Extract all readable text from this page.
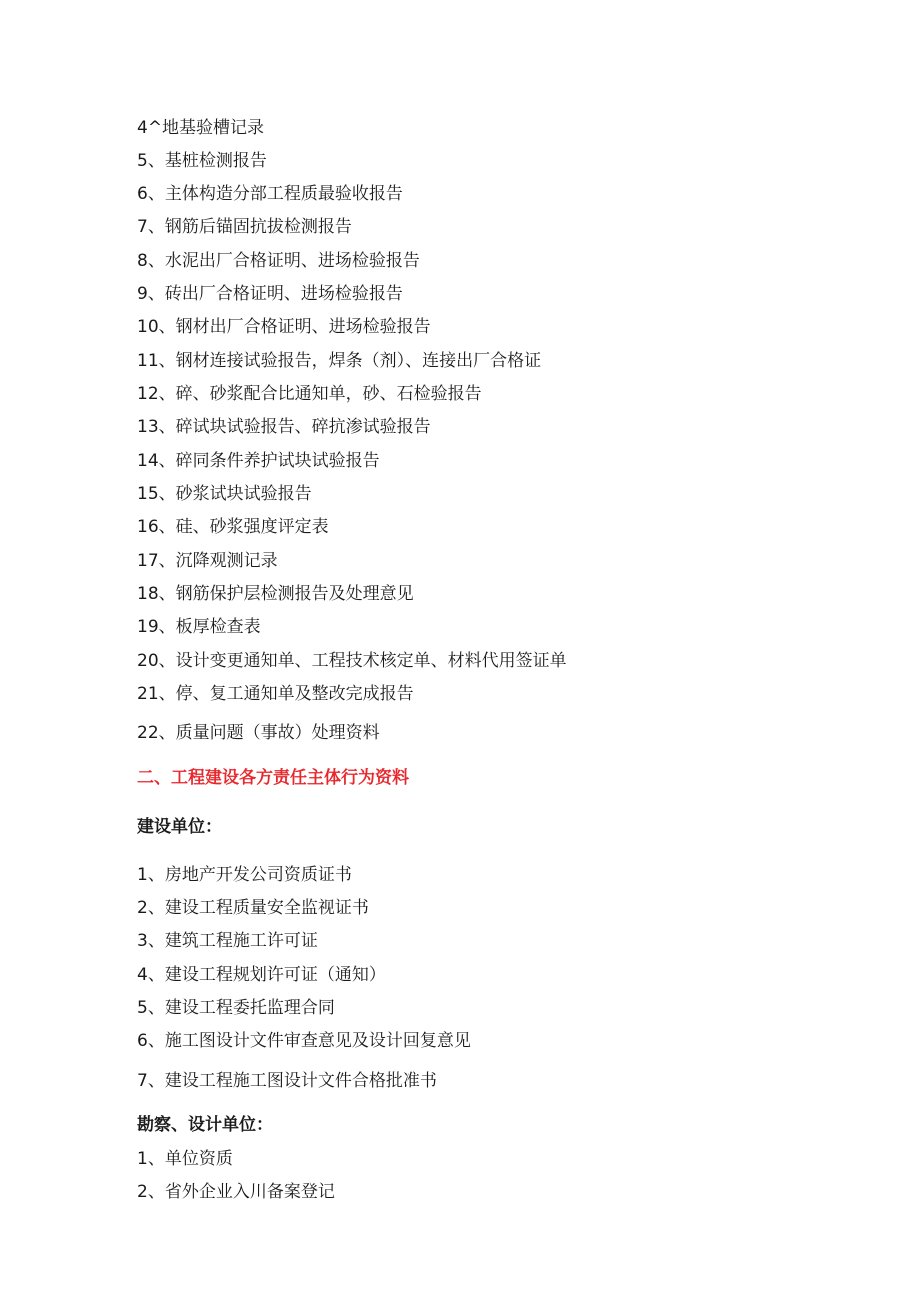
4^地基验槽记录
5、基桩检测报告
6、主体构造分部工程质最验收报告
7、钢筋后锚固抗拔检测报告
8、水泥出厂合格证明、进场检验报告
9、砖出厂合格证明、进场检验报告
10、钢材出厂合格证明、进场检验报告
11、钢材连接试验报告，焊条（剂）、连接出厂合格证
12、碎、砂浆配合比通知单，砂、石检验报告
13、碎试块试验报告、碎抗渗试验报告
14、碎同条件养护试块试验报告
15、砂浆试块试验报告
16、硅、砂浆强度评定表
17、沉降观测记录
18、钢筋保护层检测报告及处理意见
19、板厚检查表
20、设计变更通知单、工程技术核定单、材料代用签证单
21、停、复工通知单及整改完成报告
22、质量问题（事故）处理资料
二、工程建设各方责任主体行为资料
建设单位：
1、房地产开发公司资质证书
2、建设工程质量安全监视证书
3、建筑工程施工许可证
4、建设工程规划许可证（通知）
5、建设工程委托监理合同
6、施工图设计文件审查意见及设计回复意见
7、建设工程施工图设计文件合格批准书
勘察、设计单位：
1、单位资质
2、省外企业入川备案登记
